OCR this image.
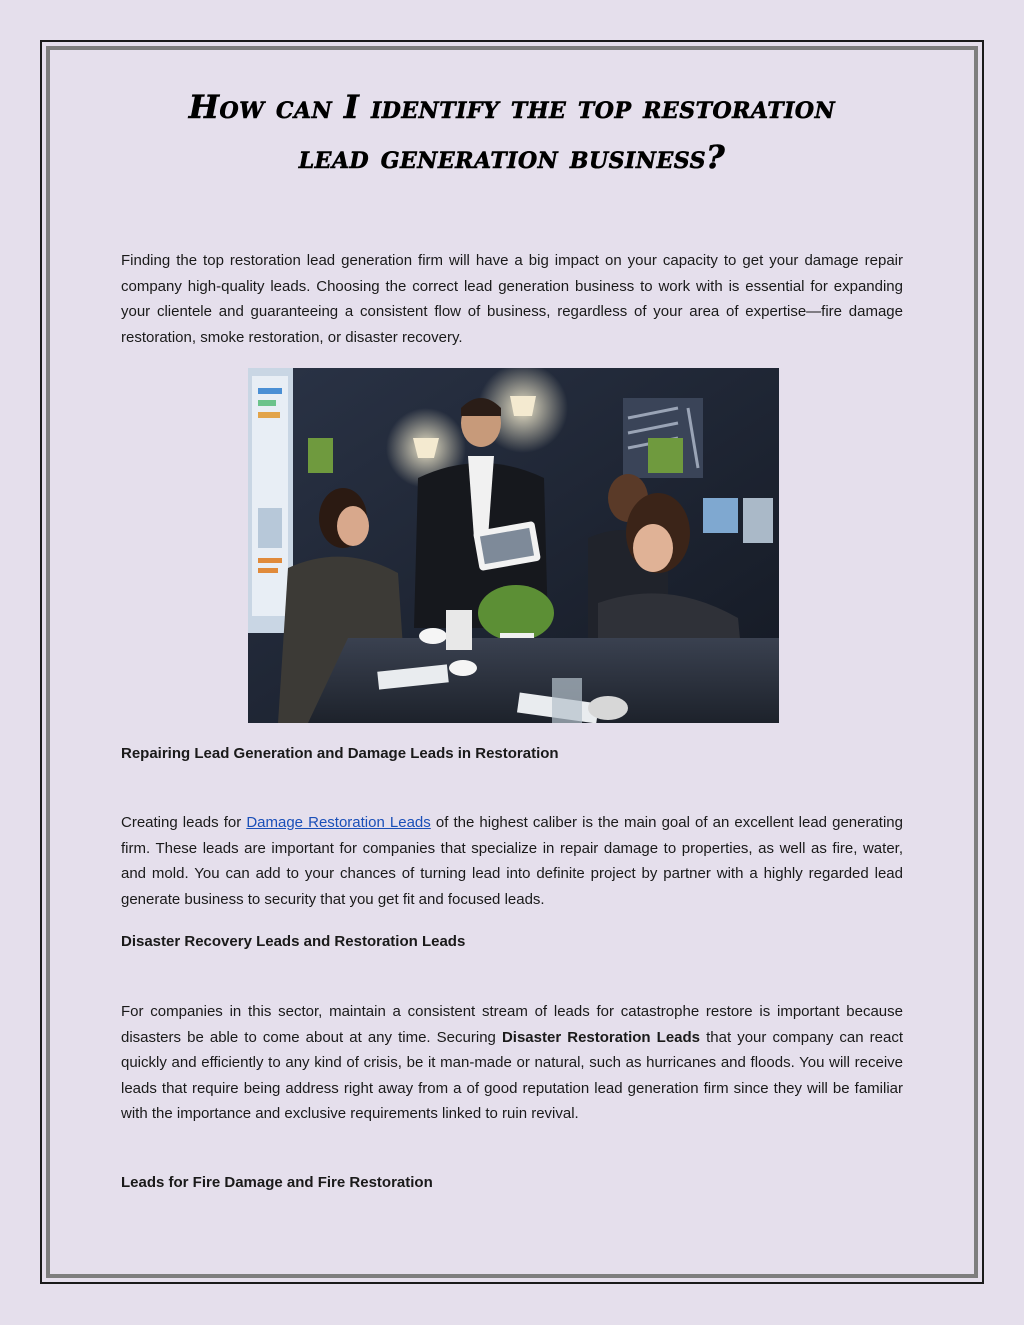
How can I identify the top restoration
lead generation business?

Finding the top restoration lead generation firm will have a big impact on your capacity to get your damage repair company high-quality leads. Choosing the correct lead generation business to work with is essential for expanding your clientele and guaranteeing a consistent flow of business, regardless of your area of expertise—fire damage restoration, smoke restoration, or disaster recovery.

Repairing Lead Generation and Damage Leads in Restoration

Creating leads for Damage Restoration Leads of the highest caliber is the main goal of an excellent lead generating firm. These leads are important for companies that specialize in repair damage to properties, as well as fire, water, and mold. You can add to your chances of turning lead into definite project by partner with a highly regarded lead generate business to security that you get fit and focused leads.

Disaster Recovery Leads and Restoration Leads

For companies in this sector, maintain a consistent stream of leads for catastrophe restore is important because disasters be able to come about at any time. Securing Disaster Restoration Leads that your company can react quickly and efficiently to any kind of crisis, be it man-made or natural, such as hurricanes and floods. You will receive leads that require being address right away from a of good reputation lead generation firm since they will be familiar with the importance and exclusive requirements linked to ruin revival.

Leads for Fire Damage and Fire Restoration
